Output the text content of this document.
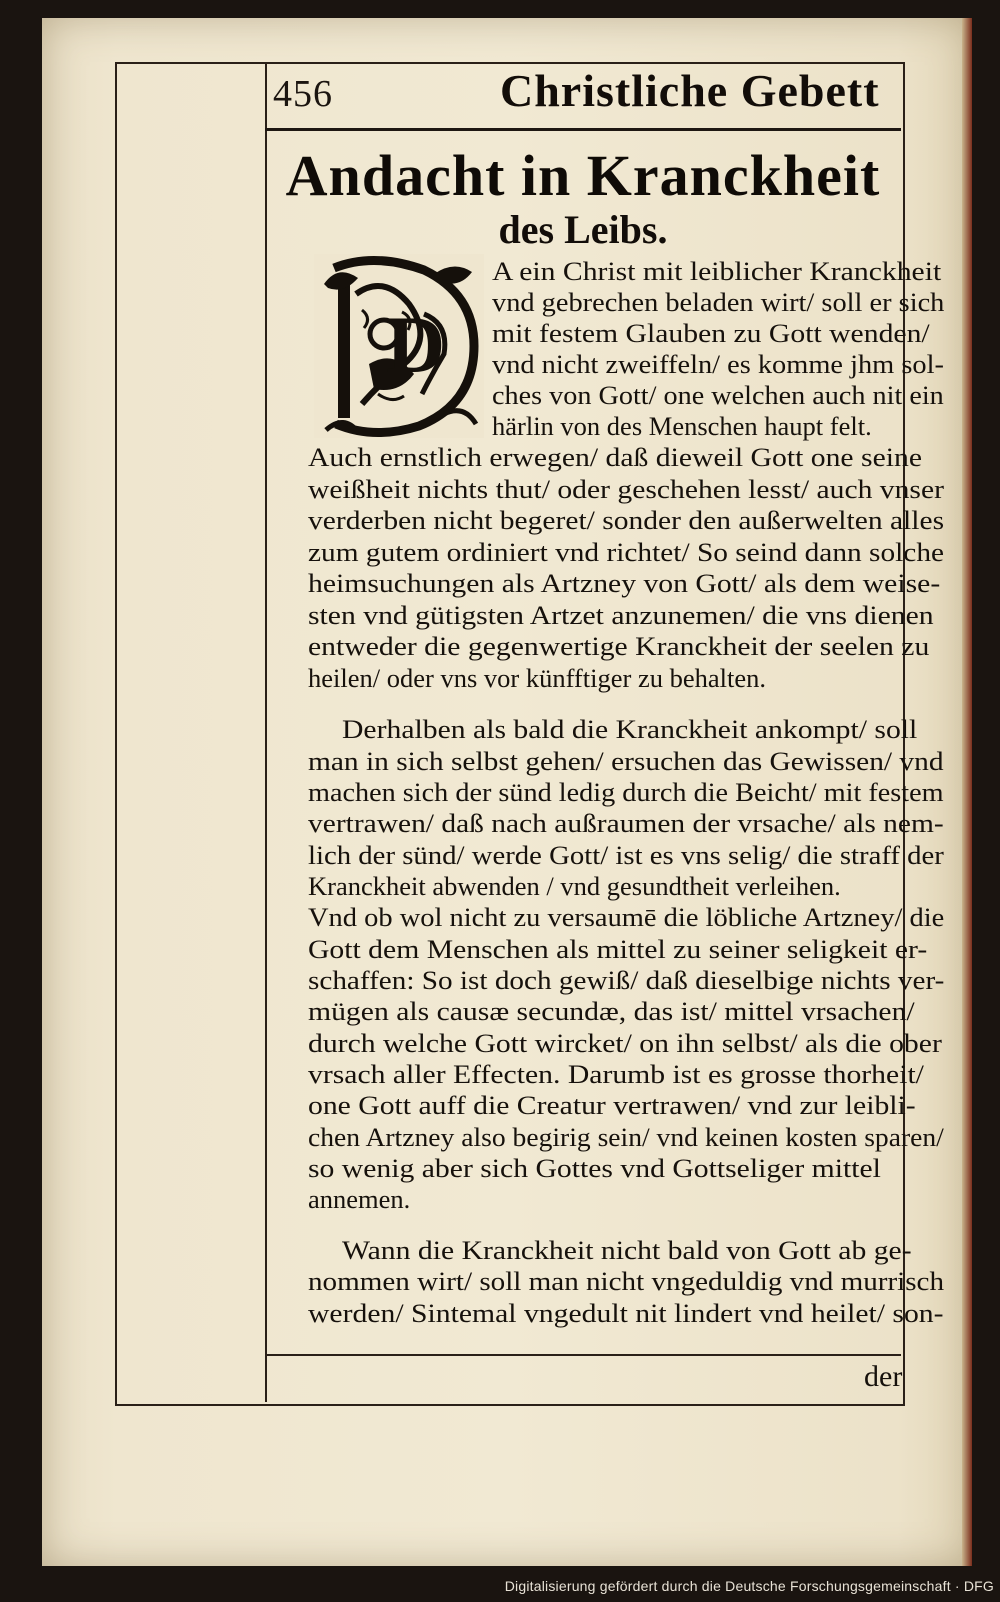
456	Christliche Gebett
Andacht in Kranckheit
des Leibs.
D
A ein Christ mit leiblicher Kranckheit
vnd gebrechen beladen wirt/ soll er sich
mit festem Glauben zu Gott wenden/
vnd nicht zweiffeln/ es komme jhm sol-
ches von Gott/ one welchen auch nit ein
härlin von des Menschen haupt felt.
Auch ernstlich erwegen/ daß dieweil Gott one seine
weißheit nichts thut/ oder geschehen lesst/ auch vnser
verderben nicht begeret/ sonder den außerwelten alles
zum gutem ordiniert vnd richtet/ So seind dann solche
heimsuchungen als Artzney von Gott/ als dem weise-
sten vnd gütigsten Artzet anzunemen/ die vns dienen
entweder die gegenwertige Kranckheit der seelen zu
heilen/ oder vns vor künfftiger zu behalten.
Derhalben als bald die Kranckheit ankompt/ soll
man in sich selbst gehen/ ersuchen das Gewissen/ vnd
machen sich der sünd ledig durch die Beicht/ mit festem
vertrawen/ daß nach außraumen der vrsache/ als nem-
lich der sünd/ werde Gott/ ist es vns selig/ die straff der
Kranckheit abwenden / vnd gesundtheit verleihen.
Vnd ob wol nicht zu versaumē die löbliche Artzney/ die
Gott dem Menschen als mittel zu seiner seligkeit er-
schaffen: So ist doch gewiß/ daß dieselbige nichts ver-
mügen als causæ secundæ, das ist/ mittel vrsachen/
durch welche Gott wircket/ on ihn selbst/ als die ober
vrsach aller Effecten. Darumb ist es grosse thorheit/
one Gott auff die Creatur vertrawen/ vnd zur leibli-
chen Artzney also begirig sein/ vnd keinen kosten sparen/
so wenig aber sich Gottes vnd Gottseliger mittel
annemen.
Wann die Kranckheit nicht bald von Gott ab ge-
nommen wirt/ soll man nicht vngeduldig vnd murrisch
werden/ Sintemal vngedult nit lindert vnd heilet/ son-
der
Digitalisierung gefördert durch die Deutsche Forschungsgemeinschaft · DFG
